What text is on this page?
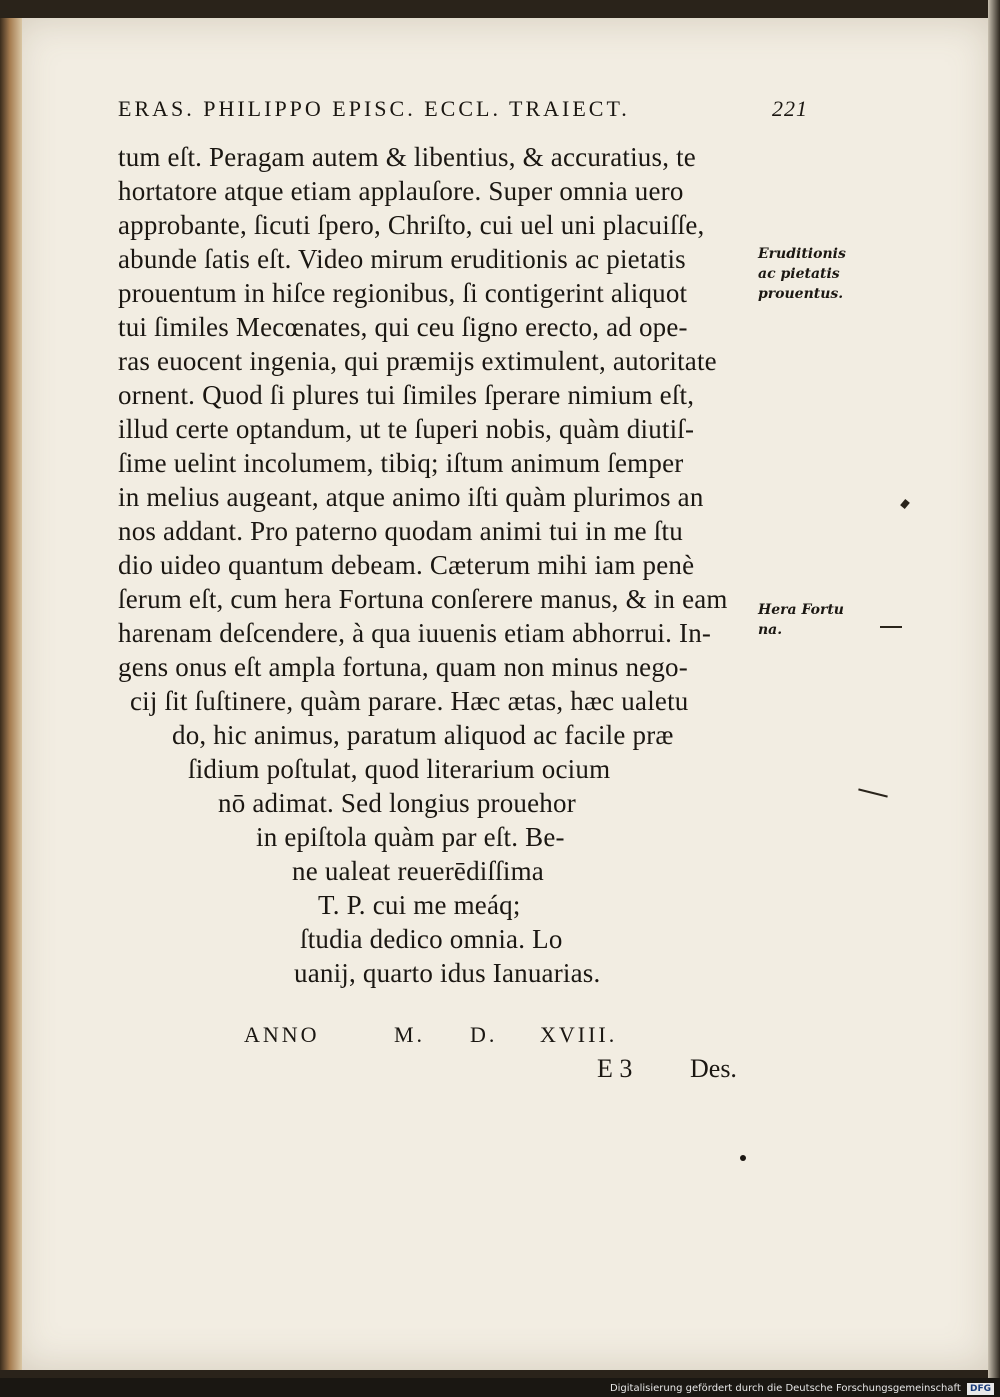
ERAS. PHILIPPO EPISC. ECCL. TRAIECT.	221
tum eſt. Peragam autem & libentius, & accuratius, te
hortatore atque etiam applauſore. Super omnia uero
approbante, ſicuti ſpero, Chriſto, cui uel uni placuiſſe,
abunde ſatis eſt. Video mirum eruditionis ac pietatis
prouentum in hiſce regionibus, ſi contigerint aliquot
tui ſimiles Mecœnates, qui ceu ſigno erecto, ad ope-
ras euocent ingenia, qui præmijs extimulent, autoritate
ornent. Quod ſi plures tui ſimiles ſperare nimium eſt,
illud certe optandum, ut te ſuperi nobis, quàm diutiſ-
ſime uelint incolumem, tibiq; iſtum animum ſemper
in melius augeant, atque animo iſti quàm plurimos an
nos addant. Pro paterno quodam animi tui in me ſtu
dio uideo quantum debeam. Cæterum mihi iam penè
ſerum eſt, cum hera Fortuna conſerere manus, & in eam
harenam deſcendere, à qua iuuenis etiam abhorrui. In-
gens onus eſt ampla fortuna, quam non minus nego-
cij ſit ſuſtinere, quàm parare. Hæc ætas, hæc ualetu
do, hic animus, paratum aliquod ac facile præ
ſidium poſtulat, quod literarium ocium
nō adimat. Sed longius prouehor
in epiſtola quàm par eſt. Be-
ne ualeat reuerēdiſſima
T. P. cui me meáq;
ſtudia dedico omnia. Lo
uanij, quarto idus Ianuarias.
ANNO	M. D. XVIII.
E 3 Des.
Eruditionis
ac pietatis
prouentus.
Hera Fortu
na.
Digitalisierung gefördert durch die Deutsche Forschungsgemeinschaft DFG
